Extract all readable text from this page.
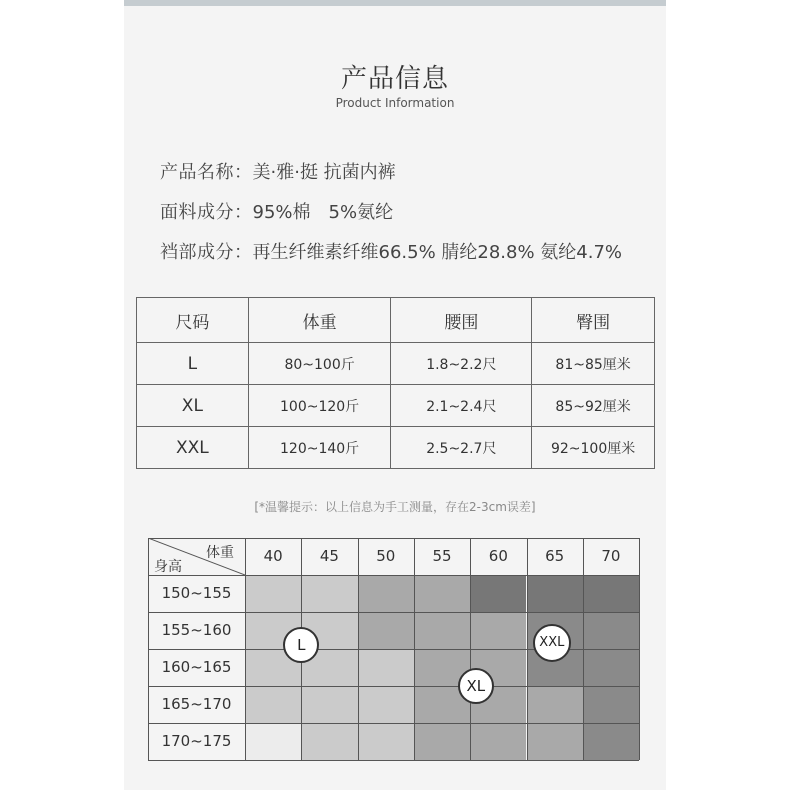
产品信息
Product Information
产品名称：美·雅·挺 抗菌内裤
面料成分：95%棉　5%氨纶
裆部成分：再生纤维素纤维66.5% 腈纶28.8% 氨纶4.7%
尺码	体重	腰围	臀围
L	80~100斤	1.8~2.2尺	81~85厘米
XL	100~120斤	2.1~2.4尺	85~92厘米
XXL	120~140斤	2.5~2.7尺	92~100厘米
[*温馨提示：以上信息为手工测量，存在2-3cm误差]
体重
身高
40	45	50	55	60	65	70
150~155
155~160
160~165
165~170
170~175
L
XL
XXL
